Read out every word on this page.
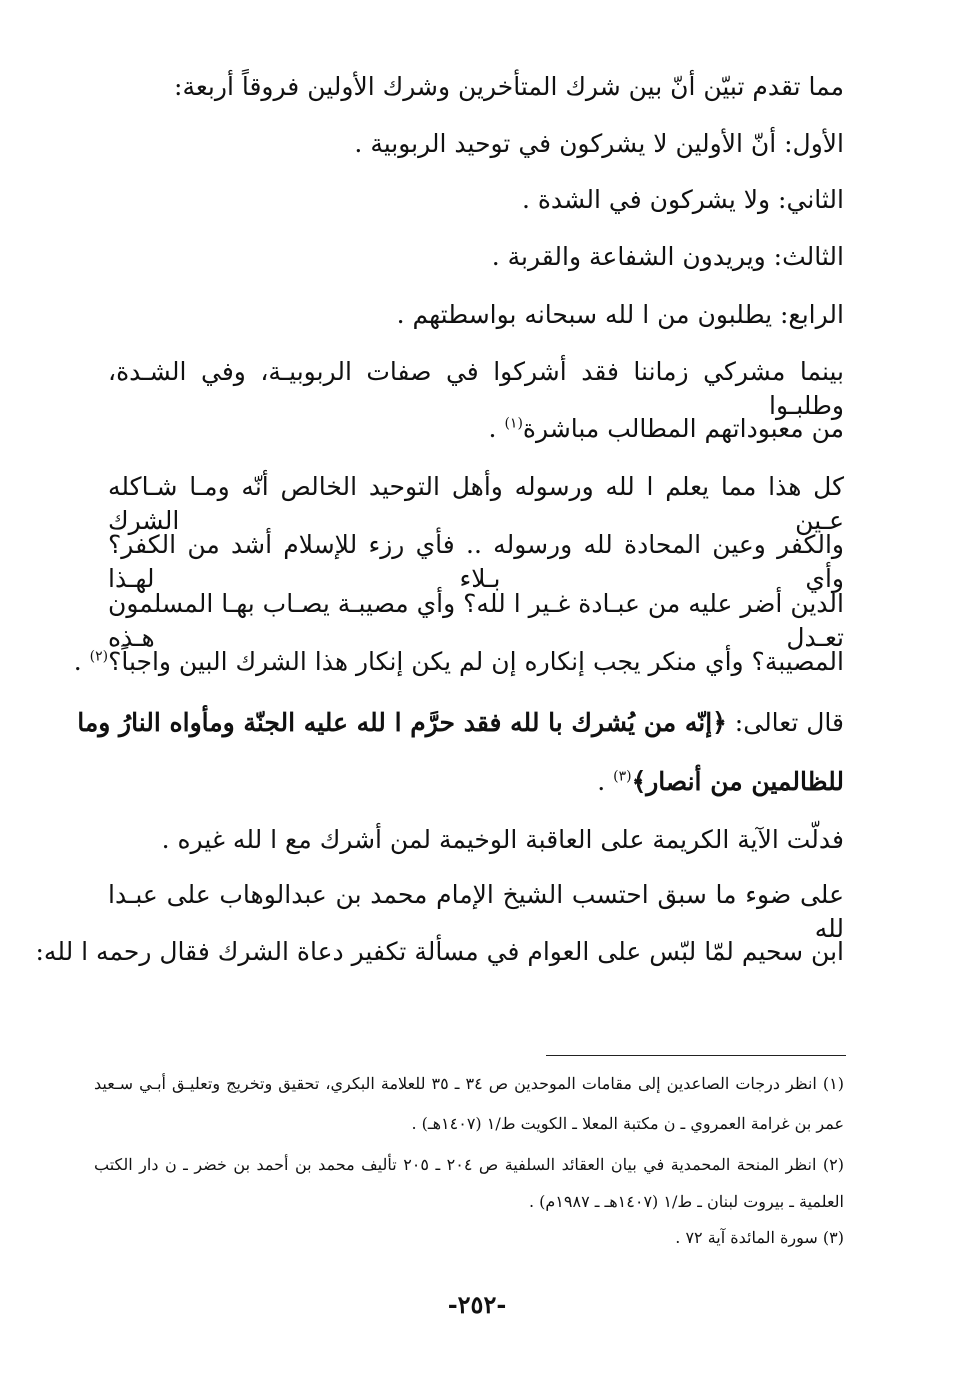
مما تقدم تبيّن أنّ بين شرك المتأخرين وشرك الأولين فروقاً أربعة:
الأول: أنّ الأولين لا يشركون في توحيد الربوبية .
الثاني: ولا يشركون في الشدة .
الثالث: ويريدون الشفاعة والقربة .
الرابع: يطلبون من ا لله سبحانه بواسطتهم .
بينما مشركي زماننا فقد أشركوا في صفات الربوبيـة، وفي الشـدة، وطلبـوا
من معبوداتهم المطالب مباشرة$^{(١)}$ .
كل هذا مما يعلم ا لله ورسوله وأهل التوحيد الخالص أنّه ومـا شـاكله عـين الشرك
والكفر وعين المحادة لله ورسوله .. فأي رزء للإسلام أشد من الكفر؟ وأي بـلاء لهـذا
الدين أضر عليه من عبـادة غـير ا لله؟ وأي مصيبـة يصـاب بهـا المسلمون تعـدل هـذه
المصيبة؟ وأي منكر يجب إنكاره إن لم يكن إنكار هذا الشرك البين واجباً؟$^{(٢)}$ .
قال تعالى: ﴿إنّه من يُشرك با لله فقد حرَّم ا لله عليه الجنّة ومأواه النارُ وما
للظالمين من أنصار﴾$^{(٣)}$ .
فدلّت الآية الكريمة على العاقبة الوخيمة لمن أشرك مع ا لله غيره .
على ضوء ما سبق احتسب الشيخ الإمام محمد بن عبدالوهاب على عبـدا لله
ابن سحيم لمّا لبّس على العوام في مسألة تكفير دعاة الشرك فقال رحمه ا لله:
(١) انظر درجات الصاعدين إلى مقامات الموحدين ص ٣٤ ـ ٣٥ للعلامة البكري، تحقيق وتخريج وتعليـق أبـي سـعيد
عمر بن غرامة العمروي ـ ن مكتبة المعلا ـ الكويت ط/١ (١٤٠٧هـ) .
(٢) انظر المنحة المحمدية في بيان العقائد السلفية ص ٢٠٤ ـ ٢٠٥ تأليف محمد بن أحمد بن خضر ـ ن دار الكتب
العلمية ـ بيروت لبنان ـ ط/١ (١٤٠٧هـ ـ ١٩٨٧م) .
(٣) سورة المائدة آية ٧٢ .
-٢٥٢-
